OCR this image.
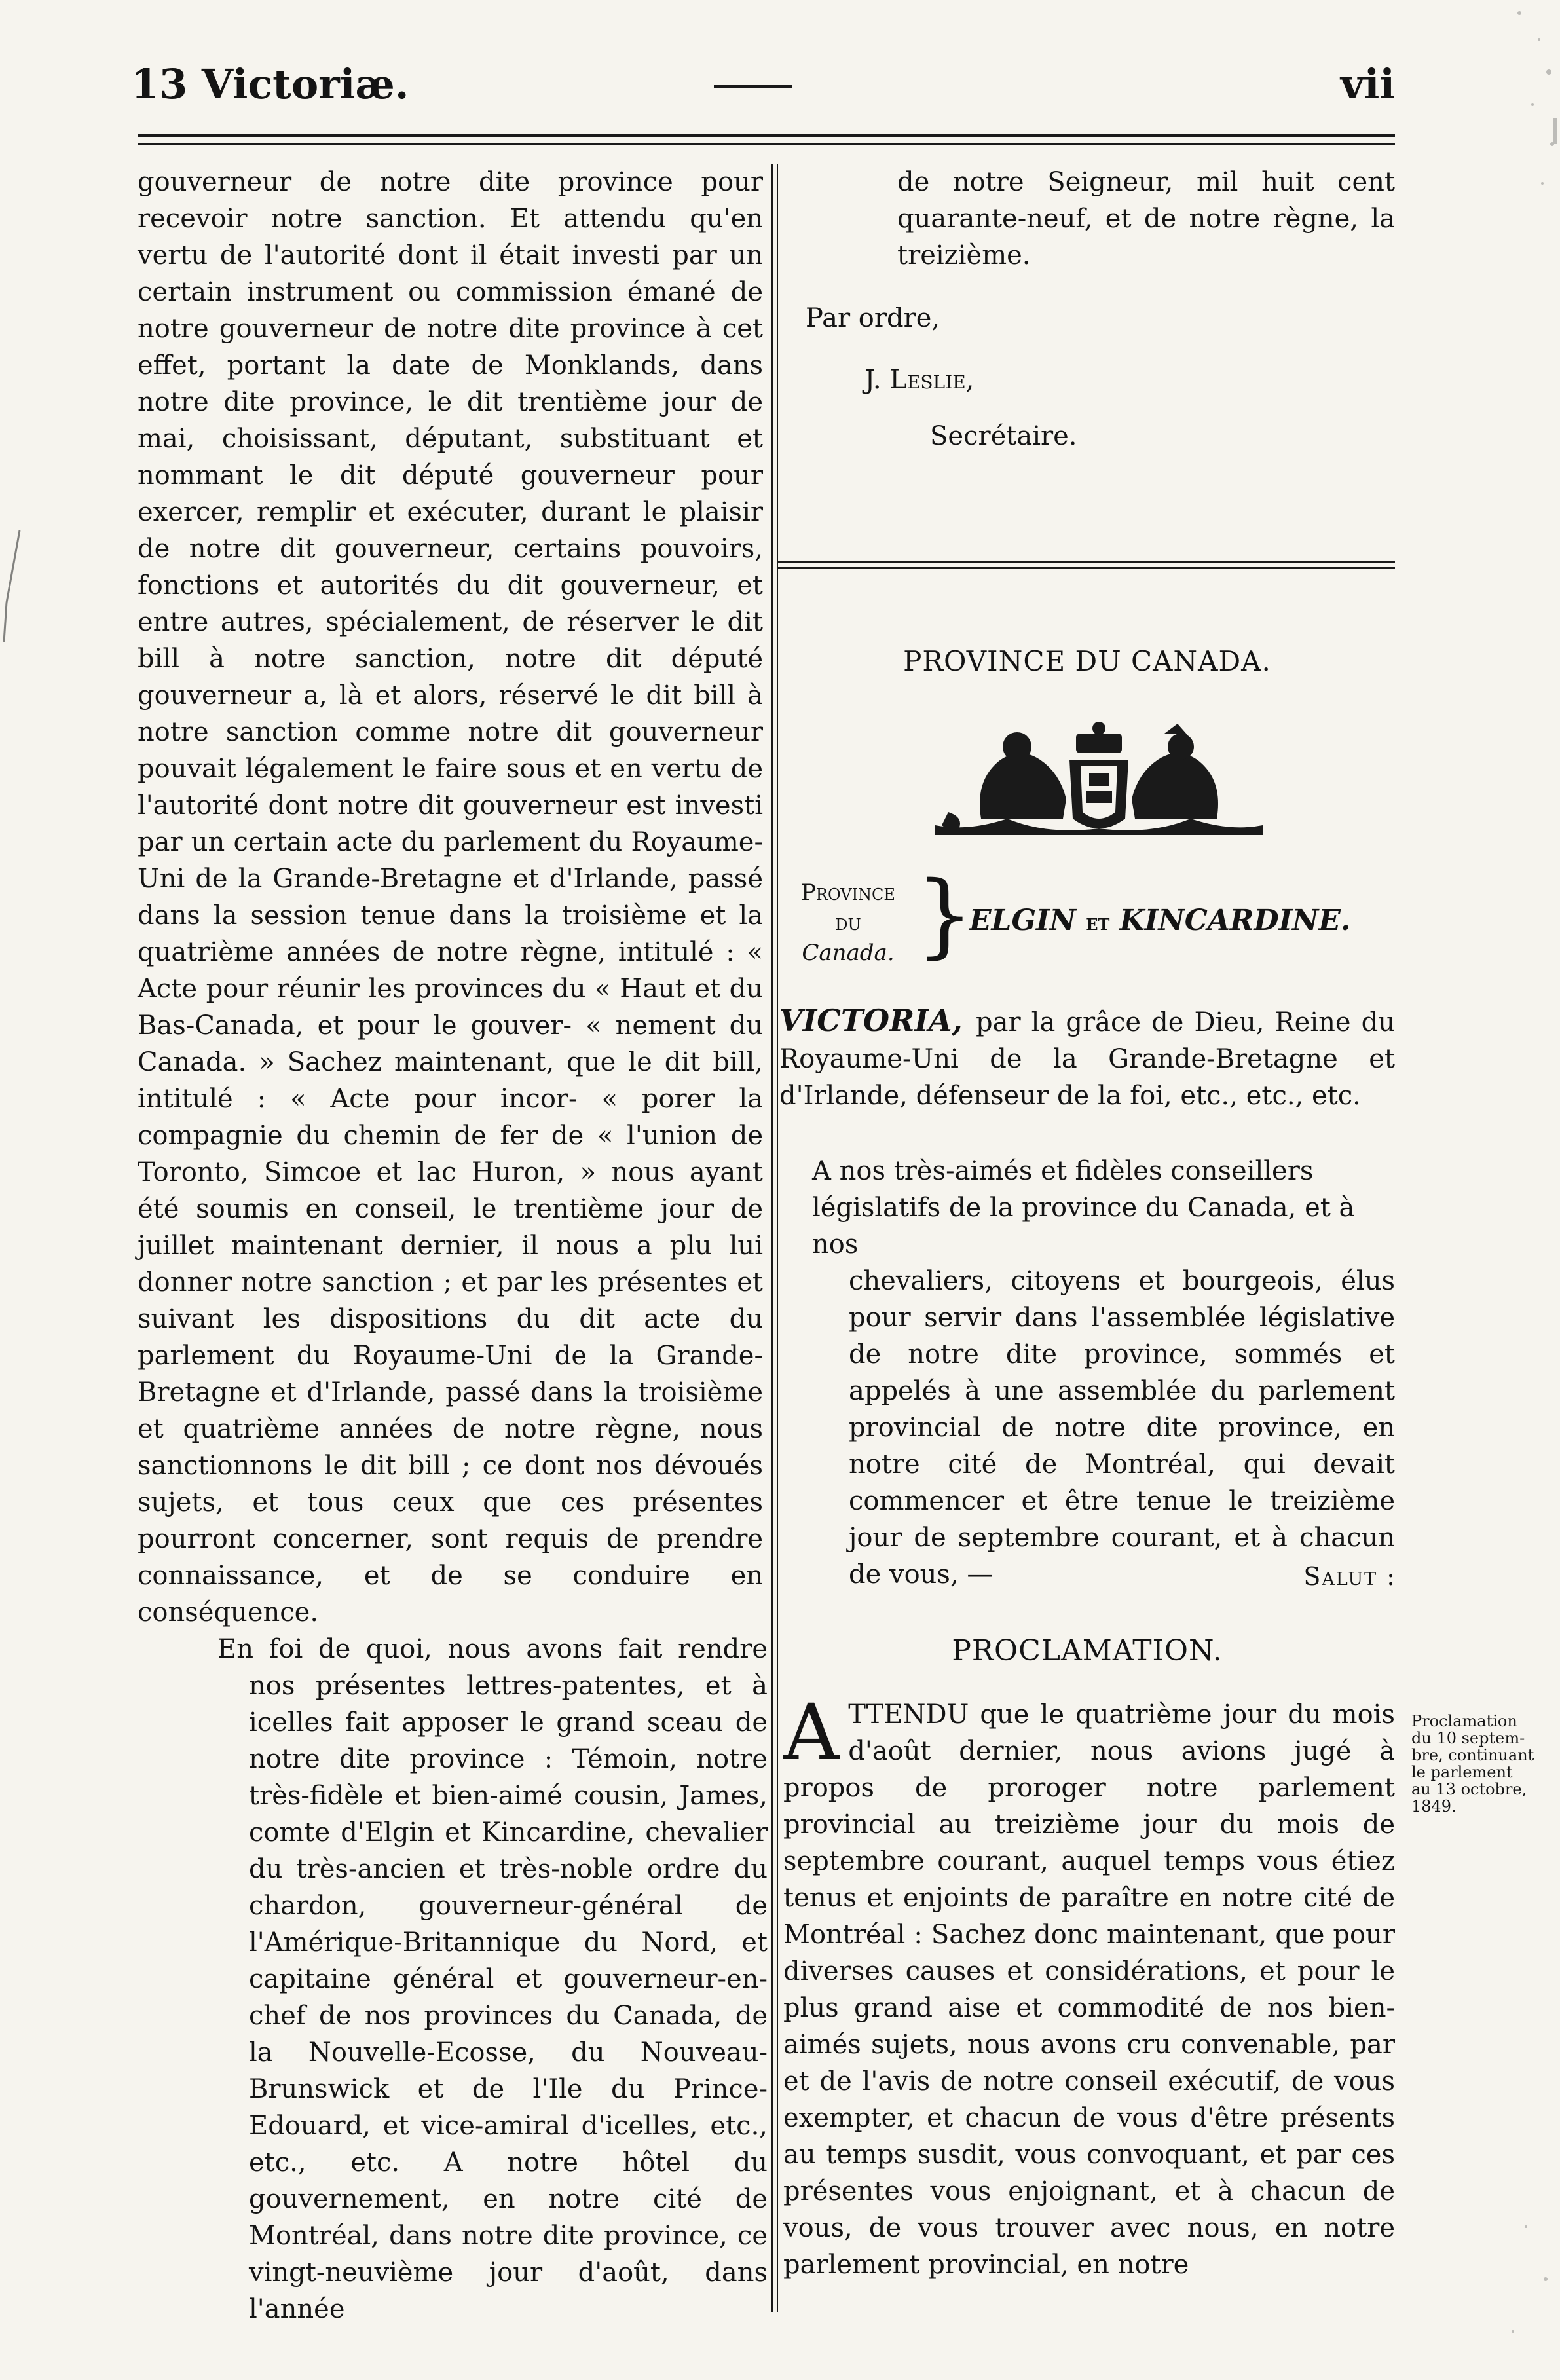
13 Victoriæ.	vii

gouverneur de notre dite province pour recevoir notre sanction. Et attendu qu'en vertu de l'autorité dont il était investi par un certain instrument ou commission émané de notre gouverneur de notre dite province à cet effet, portant la date de Monklands, dans notre dite province, le dit trentième jour de mai, choisissant, députant, substituant et nommant le dit député gouverneur pour exercer, remplir et exécuter, durant le plaisir de notre dit gouverneur, certains pouvoirs, fonctions et autorités du dit gouverneur, et entre autres, spécialement, de réserver le dit bill à notre sanction, notre dit député gouverneur a, là et alors, réservé le dit bill à notre sanction comme notre dit gouverneur pouvait légalement le faire sous et en vertu de l'autorité dont notre dit gouverneur est investi par un certain acte du parlement du Royaume-Uni de la Grande-Bretagne et d'Irlande, passé dans la session tenue dans la troisième et la quatrième années de notre règne, intitulé : « Acte pour réunir les provinces du « Haut et du Bas-Canada, et pour le gouver- « nement du Canada. » Sachez maintenant, que le dit bill, intitulé : « Acte pour incor- « porer la compagnie du chemin de fer de « l'union de Toronto, Simcoe et lac Huron, » nous ayant été soumis en conseil, le trentième jour de juillet maintenant dernier, il nous a plu lui donner notre sanction ; et par les présentes et suivant les dispositions du dit acte du parlement du Royaume-Uni de la Grande-Bretagne et d'Irlande, passé dans la troisième et quatrième années de notre règne, nous sanctionnons le dit bill ; ce dont nos dévoués sujets, et tous ceux que ces présentes pourront concerner, sont requis de prendre connaissance, et de se conduire en conséquence.

En foi de quoi, nous avons fait rendre nos présentes lettres-patentes, et à icelles fait apposer le grand sceau de notre dite province : Témoin, notre très-fidèle et bien-aimé cousin, James, comte d'Elgin et Kincardine, chevalier du très-ancien et très-noble ordre du chardon, gouverneur-général de l'Amérique-Britannique du Nord, et capitaine général et gouverneur-en-chef de nos provinces du Canada, de la Nouvelle-Ecosse, du Nouveau-Brunswick et de l'Ile du Prince-Edouard, et vice-amiral d'icelles, etc., etc., etc. A notre hôtel du gouvernement, en notre cité de Montréal, dans notre dite province, ce vingt-neuvième jour d'août, dans l'année

de notre Seigneur, mil huit cent quarante-neuf, et de notre règne, la treizième.
Par ordre,
J. Leslie,
Secrétaire.
PROVINCE DU CANADA.
Province
du
Canada. }
ELGIN et KINCARDINE.
VICTORIA, par la grâce de Dieu, Reine du Royaume-Uni de la Grande-Bretagne et d'Irlande, défenseur de la foi, etc., etc., etc.
A nos très-aimés et fidèles conseillers législatifs de la province du Canada, et à nos
chevaliers, citoyens et bourgeois, élus pour servir dans l'assemblée législative de notre dite province, sommés et appelés à une assemblée du parlement provincial de notre dite province, en notre cité de Montréal, qui devait commencer et être tenue le treizième jour de septembre courant, et à chacun de vous, —	Salut :
PROCLAMATION.
A TTENDU que le quatrième jour du mois d'août dernier, nous avions jugé à propos de proroger notre parlement provincial au treizième jour du mois de septembre courant, auquel temps vous étiez tenus et enjoints de paraître en notre cité de Montréal : Sachez donc maintenant, que pour diverses causes et considérations, et pour le plus grand aise et commodité de nos bien-aimés sujets, nous avons cru convenable, par et de l'avis de notre conseil exécutif, de vous exempter, et chacun de vous d'être présents au temps susdit, vous convoquant, et par ces présentes vous enjoignant, et à chacun de vous, de vous trouver avec nous, en notre parlement provincial, en notre
Proclamation
du 10 septem-
bre, continuant
le parlement
au 13 octobre,
1849.
